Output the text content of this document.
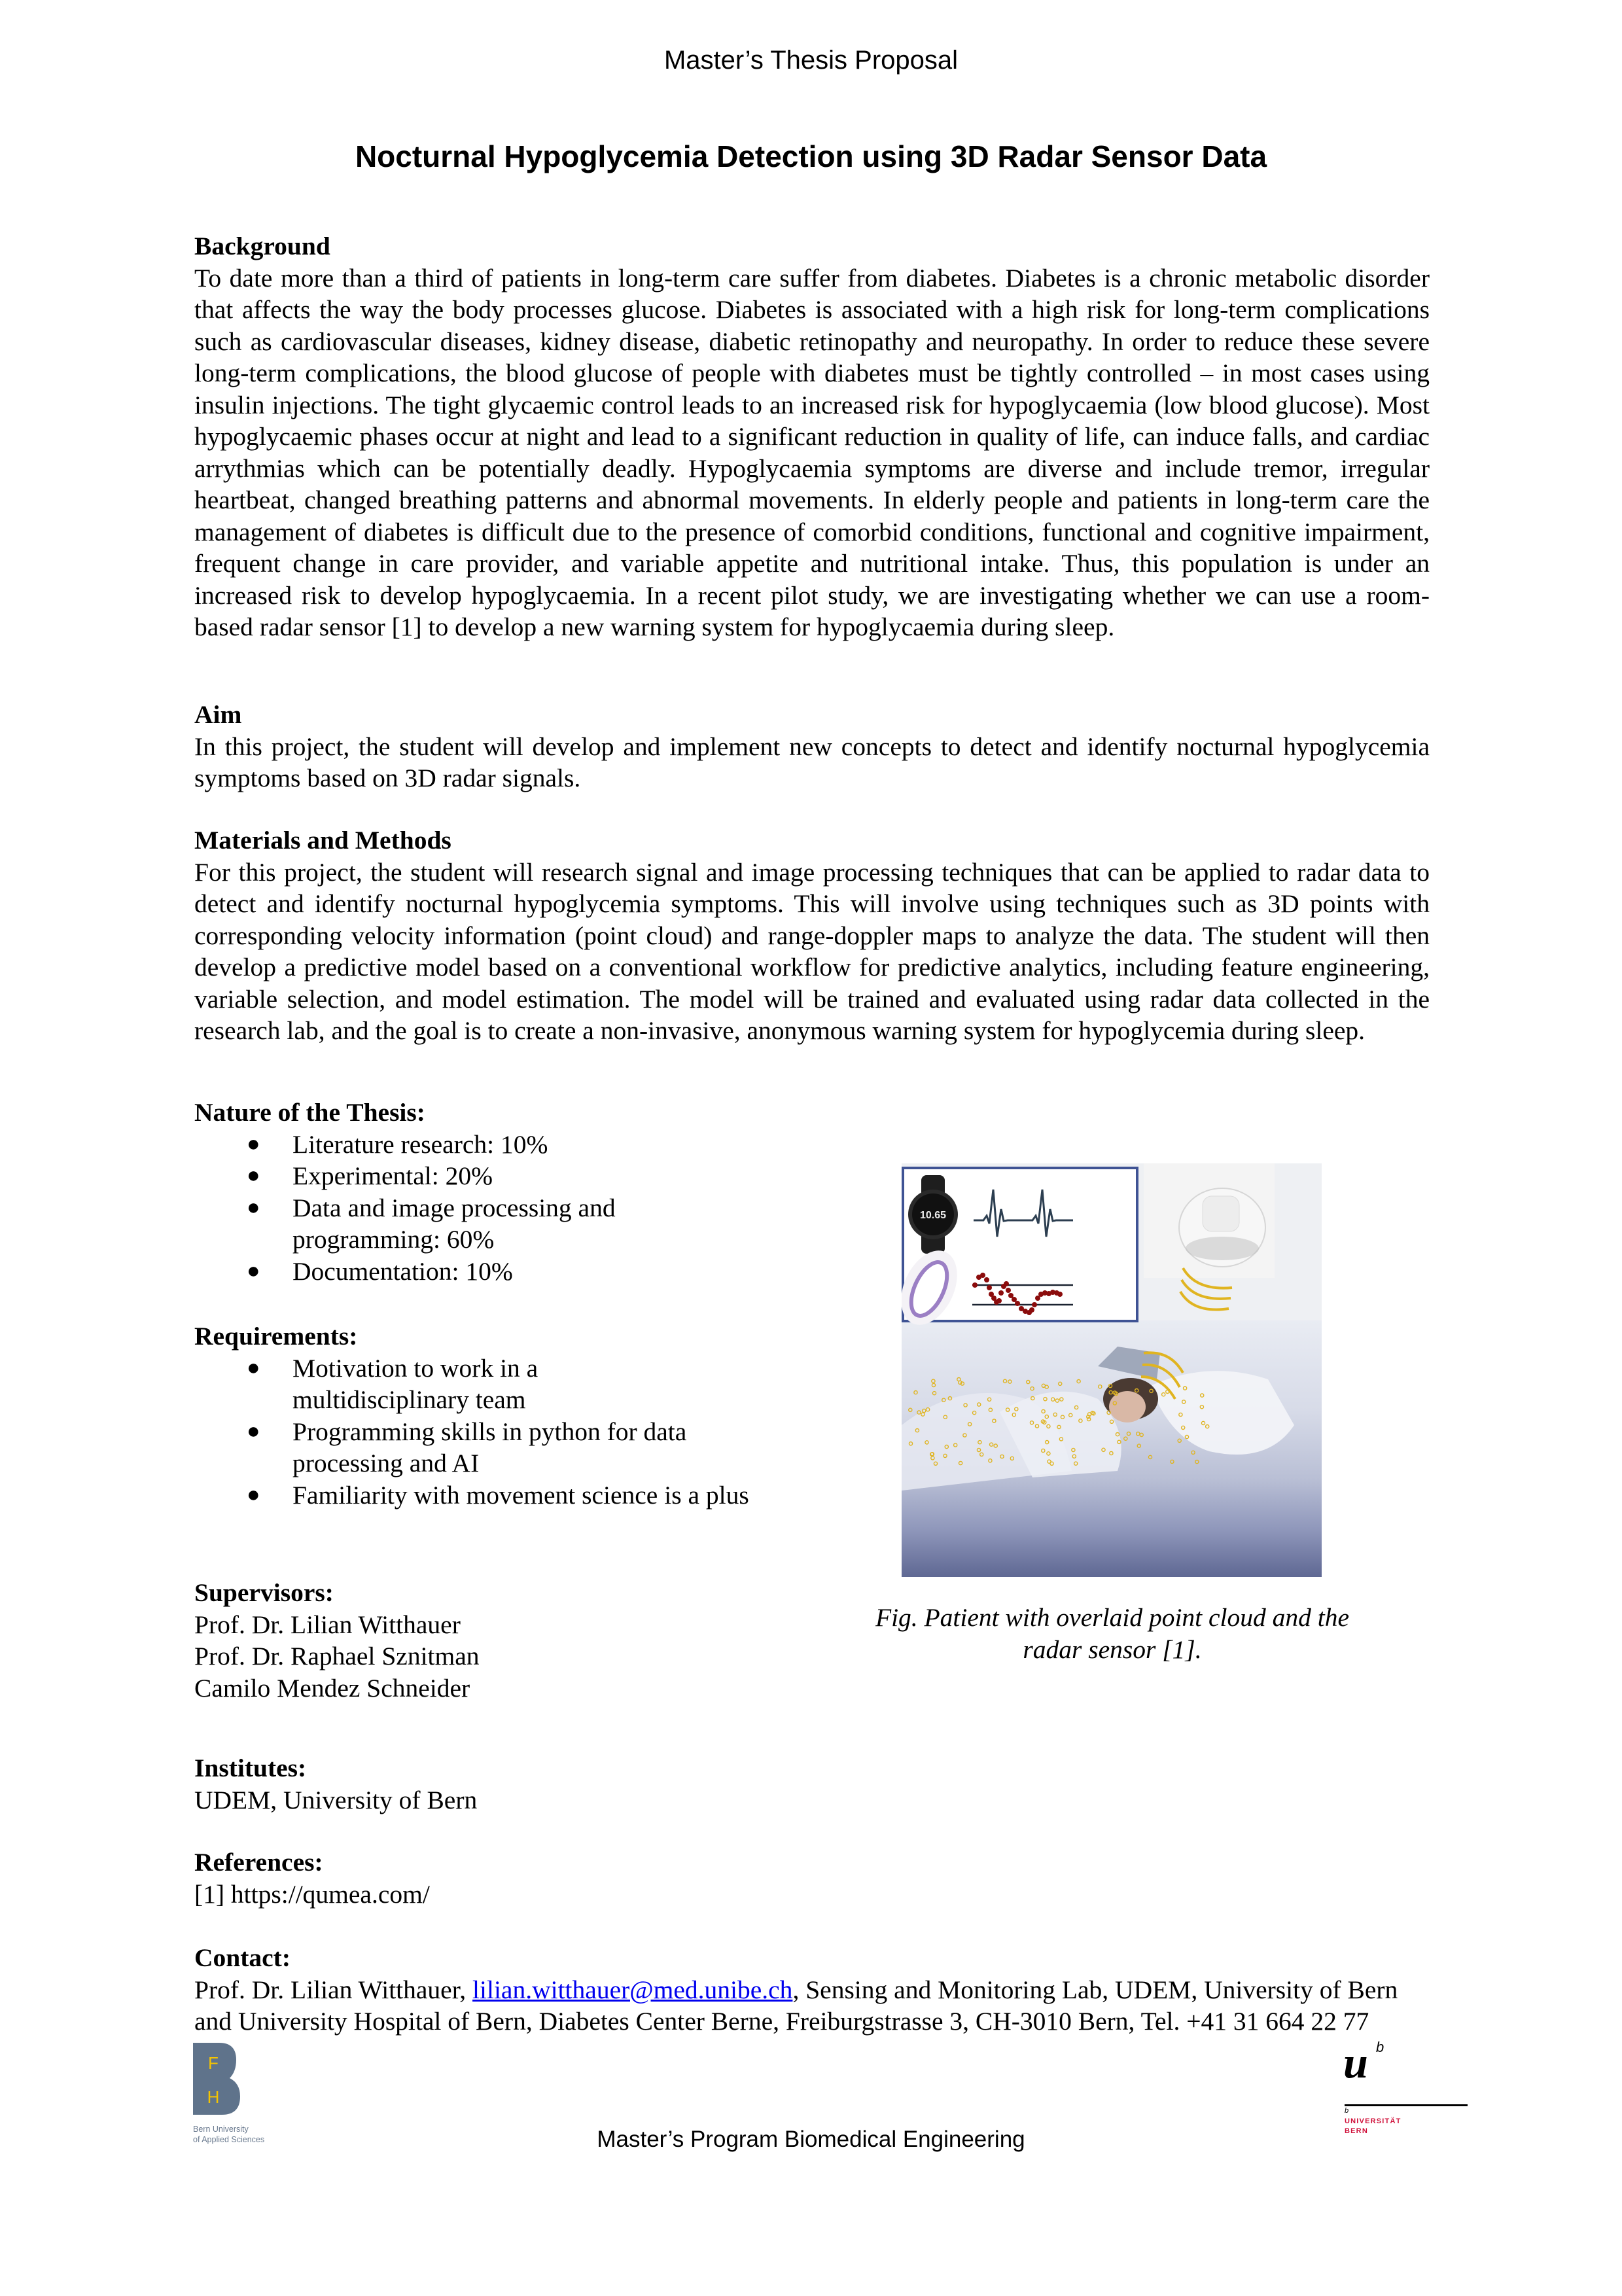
Master’s Thesis Proposal
Nocturnal Hypoglycemia Detection using 3D Radar Sensor Data
Background
To date more than a third of patients in long-term care suffer from diabetes. Diabetes is a chronic metabolic disorder that affects the way the body processes glucose. Diabetes is associated with a high risk for long-term complications such as cardiovascular diseases, kidney disease, diabetic retinopathy and neuropathy. In order to reduce these severe long-term complications, the blood glucose of people with diabetes must be tightly controlled – in most cases using insulin injections. The tight glycaemic control leads to an increased risk for hypoglycaemia (low blood glucose). Most hypoglycaemic phases occur at night and lead to a significant reduction in quality of life, can induce falls, and cardiac arrythmias which can be potentially deadly. Hypoglycaemia symptoms are diverse and include tremor, irregular heartbeat, changed breathing patterns and abnormal movements. In elderly people and patients in long-term care the management of diabetes is difficult due to the presence of comorbid conditions, functional and cognitive impairment, frequent change in care provider, and variable appetite and nutritional intake. Thus, this population is under an increased risk to develop hypoglycaemia. In a recent pilot study, we are investigating whether we can use a room-based radar sensor [1] to develop a new warning system for hypoglycaemia during sleep.
Aim
In this project, the student will develop and implement new concepts to detect and identify nocturnal hypoglycemia symptoms based on 3D radar signals.
Materials and Methods
For this project, the student will research signal and image processing techniques that can be applied to radar data to detect and identify nocturnal hypoglycemia symptoms. This will involve using techniques such as 3D points with corresponding velocity information (point cloud) and range-doppler maps to analyze the data. The student will then develop a predictive model based on a conventional workflow for predictive analytics, including feature engineering, variable selection, and model estimation. The model will be trained and evaluated using radar data collected in the research lab, and the goal is to create a non-invasive, anonymous warning system for hypoglycemia during sleep.
Nature of the Thesis:
● Literature research: 10%
● Experimental: 20%
● Data and image processing and programming: 60%
● Documentation: 10%
Requirements:
● Motivation to work in a multidisciplinary team
● Programming skills in python for data processing and AI
● Familiarity with movement science is a plus
Supervisors:
Prof. Dr. Lilian Witthauer
Prof. Dr. Raphael Sznitman
Camilo Mendez Schneider
Institutes:
UDEM, University of Bern
References:
[1] https://qumea.com/
Contact:
Prof. Dr. Lilian Witthauer, lilian.witthauer@med.unibe.ch, Sensing and Monitoring Lab, UDEM, University of Bern and University Hospital of Bern, Diabetes Center Berne, Freiburgstrasse 3, CH-3010 Bern, Tel. +41 31 664 22 77
10.65
Fig. Patient with overlaid point cloud and the radar sensor [1].
F
H
Bern University
of Applied Sciences
u b
b
UNIVERSITÄT
BERN
Master’s Program Biomedical Engineering
